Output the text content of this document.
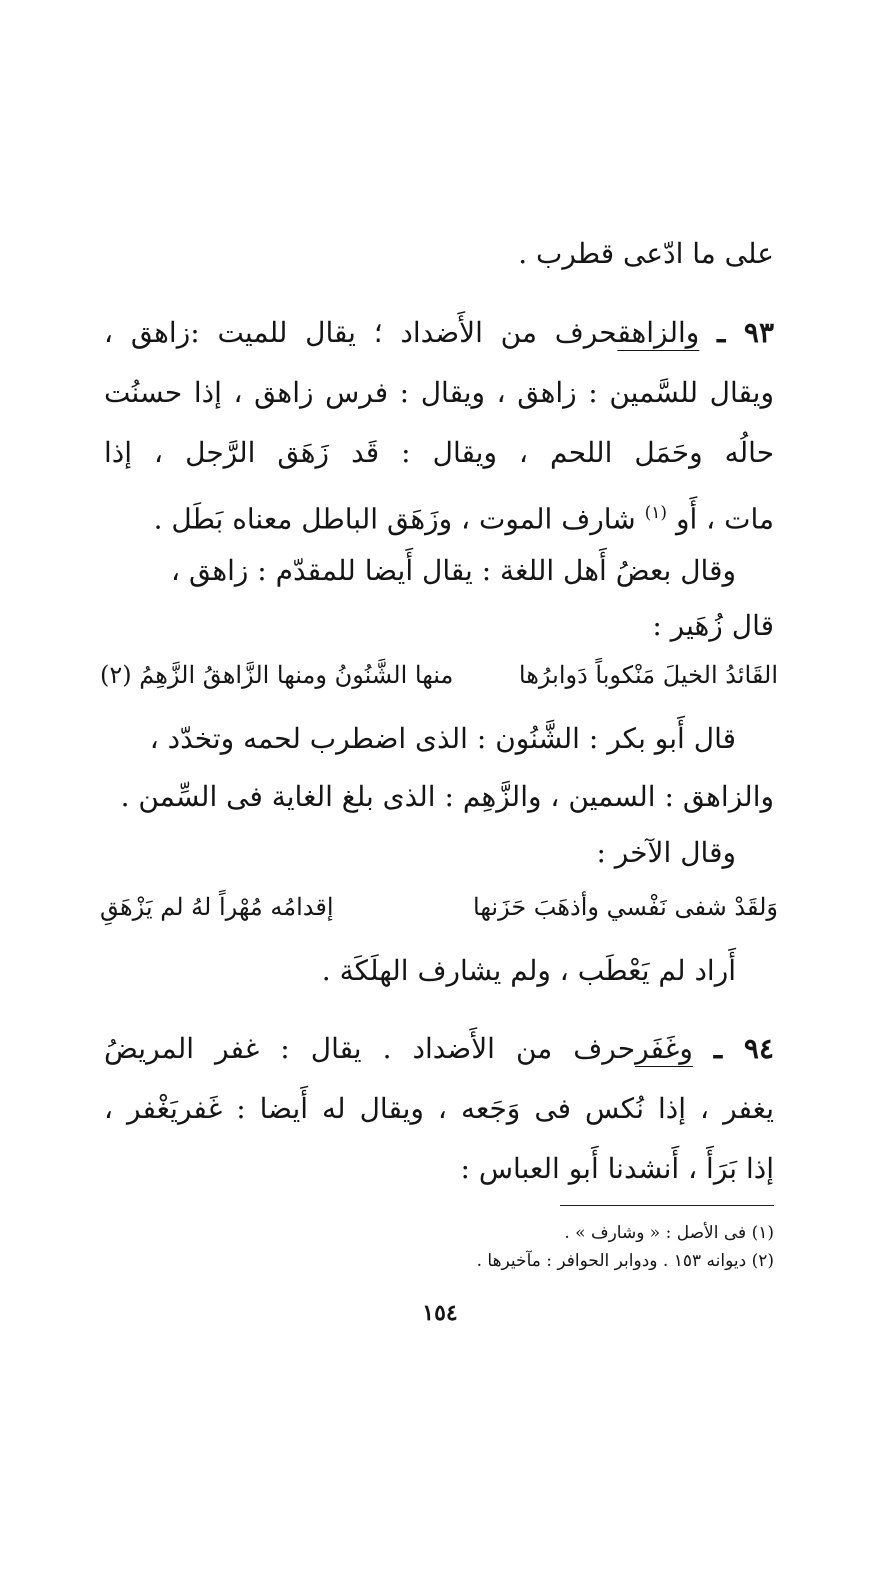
على ما ادّعى قطرب .
٩٣ ـ والزاهقحرف من الأَضداد ؛ يقال للميت :زاهق ،
ويقال للسَّمين : زاهق ، ويقال : فرس زاهق ، إذا حسنُت
حالُه وحَمَل اللحم ، ويقال : قَد زَهَق الرَّجل ، إذا
مات ، أَو $^{(١)}$ شارف الموت ، وزَهَق الباطل معناه بَطَل .
وقال بعضُ أَهل اللغة : يقال أَيضا للمقدّم : زاهق ،
قال زُهَير :
القَائدُ الخيلَ مَنْكوباً دَوابرُها
منها الشَّنُونُ ومنها الزَّاهقُ الزَّهِمُ (٢)
قال أَبو بكر : الشَّنُون : الذى اضطرب لحمه وتخدّد ،
والزاهق : السمين ، والزَّهِم : الذى بلغ الغاية فى السِّمن .
وقال الآخر :
وَلقَدْ شفى نَفْسي وأذهَبَ حَزَنها
إقدامُه مُهْراً لهُ لم يَزْهَقِ
أَراد لم يَعْطَب ، ولم يشارف الهلَكَة .
٩٤ ـ وغَفَرحرف من الأَضداد . يقال : غفر المريضُ
يغفر ، إذا نُكس فى وَجَعه ، ويقال له أَيضا : غَفريَغْفر ،
إذا بَرَأَ ، أَنشدنا أَبو العباس :
(١) فى الأصل : « وشارف » .
(٢) ديوانه ١٥٣ . ودوابر الحوافر : مآخيرها .
١٥٤
